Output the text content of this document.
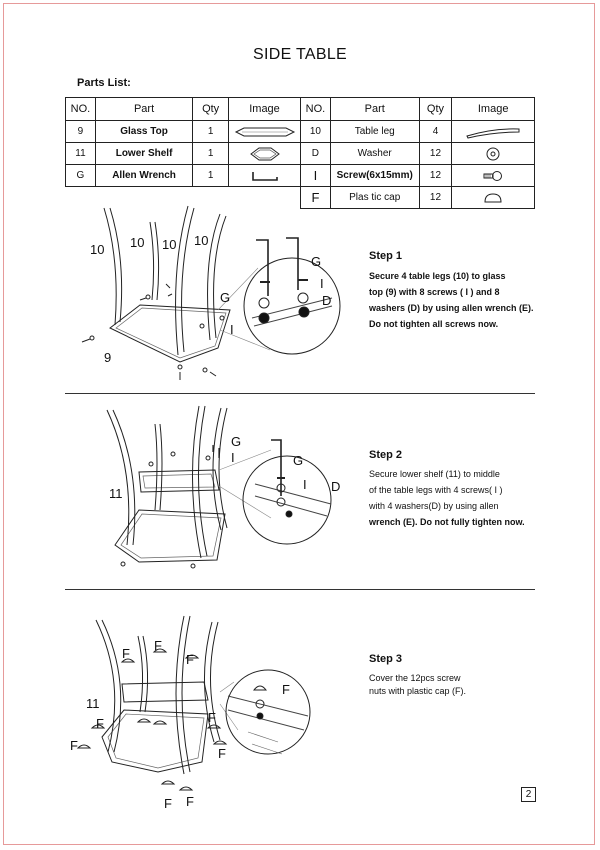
SIDE TABLE
Parts List:
NO.	Part	Qty	Image
9	Glass Top	1	

11	Lower Shelf	1	

G	Allen Wrench	1	
NO.	Part	Qty	Image
10	Table leg	4	

D	Washer	12	

I	Screw(6x15mm)	12	

F	Plas tic cap	12	
10 10 10 10
9
G
I
G
I
D
Step 1
Secure 4 table legs (10) to glass
top (9) with 8 screws ( I ) and 8
washers (D) by using allen wrench (E).
Do not tighten all screws now.
11
G
I	G
I D
Step 2
Secure lower shelf (11) to middle
of the table legs with 4 screws( I )
with 4 washers(D) by using allen
wrench (E). Do not fully tighten now.
F
F
F
F
F
F
F
F F
F
11
Step 3
Cover the 12pcs screw
nuts with plastic cap (F).
2
